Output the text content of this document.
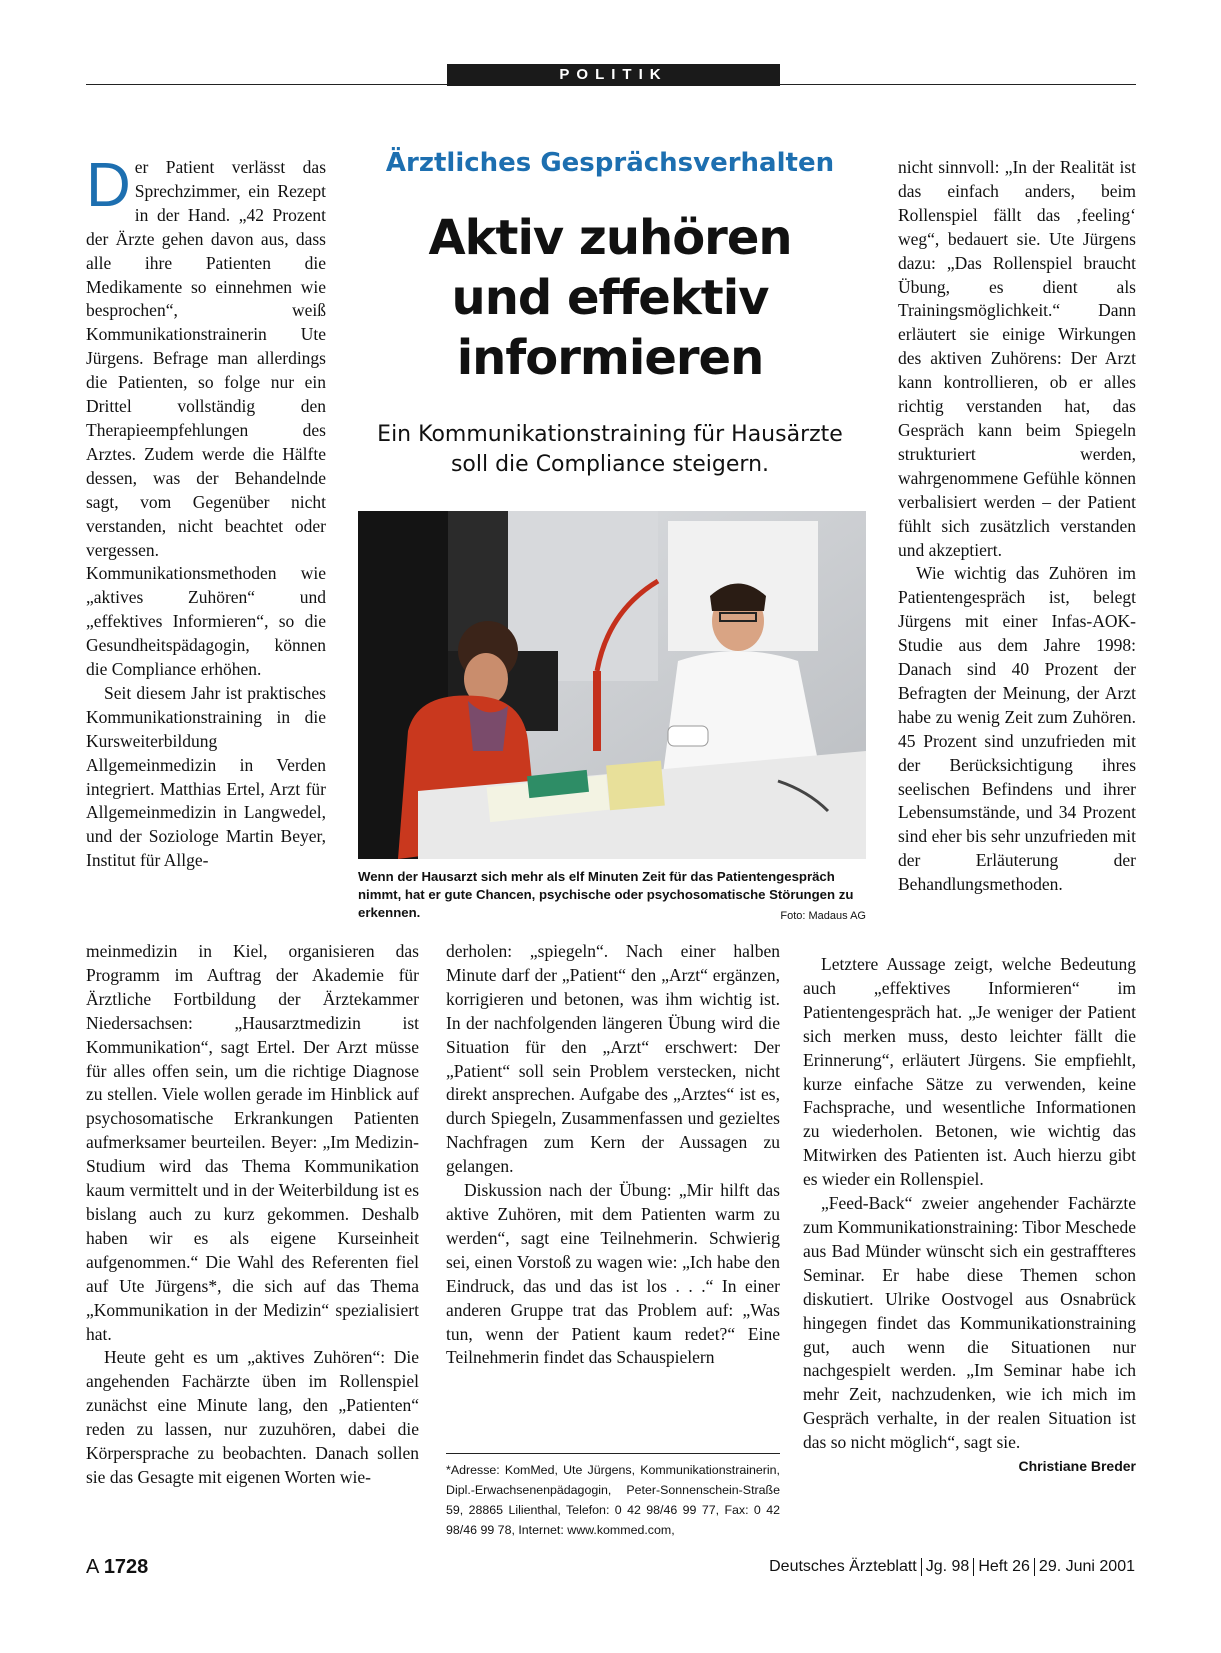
POLITIK

Der Patient verlässt das Sprechzimmer, ein Rezept in der Hand. „42 Prozent der Ärzte gehen davon aus, dass alle ihre Patienten die Medikamente so einnehmen wie besprochen“, weiß Kommunikationstrainerin Ute Jürgens. Befrage man allerdings die Patienten, so folge nur ein Drittel vollständig den Therapieempfehlungen des Arztes. Zudem werde die Hälfte dessen, was der Behandelnde sagt, vom Gegenüber nicht verstanden, nicht beachtet oder vergessen. Kommunikationsmethoden wie „aktives Zuhören“ und „effektives Informieren“, so die Gesundheitspädagogin, können die Compliance erhöhen.

Seit diesem Jahr ist praktisches Kommunikationstraining in die Kursweiterbildung Allgemeinmedizin in Verden integriert. Matthias Ertel, Arzt für Allgemeinmedizin in Langwedel, und der Soziologe Martin Beyer, Institut für Allge-

meinmedizin in Kiel, organisieren das Programm im Auftrag der Akademie für Ärztliche Fortbildung der Ärztekammer Niedersachsen: „Hausarztmedizin ist Kommunikation“, sagt Ertel. Der Arzt müsse für alles offen sein, um die richtige Diagnose zu stellen. Viele wollen gerade im Hinblick auf psychosomatische Erkrankungen Patienten aufmerksamer beurteilen. Beyer: „Im Medizin-Studium wird das Thema Kommunikation kaum vermittelt und in der Weiterbildung ist es bislang auch zu kurz gekommen. Deshalb haben wir es als eigene Kurseinheit aufgenommen.“ Die Wahl des Referenten fiel auf Ute Jürgens*, die sich auf das Thema „Kommunikation in der Medizin“ spezialisiert hat.

Heute geht es um „aktives Zuhören“: Die angehenden Fachärzte üben im Rollenspiel zunächst eine Minute lang, den „Patienten“ reden zu lassen, nur zuzuhören, dabei die Körpersprache zu beobachten. Danach sollen sie das Gesagte mit eigenen Worten wie-

Ärztliches Gesprächsverhalten
Aktiv zuhören
und effektiv
informieren
Ein Kommunikationstraining für Hausärzte
soll die Compliance steigern.
Wenn der Hausarzt sich mehr als elf Minuten Zeit für das Patientengespräch nimmt, hat er gute Chancen, psychische oder psychosomatische Störungen zu erkennen.	Foto: Madaus AG

derholen: „spiegeln“. Nach einer halben Minute darf der „Patient“ den „Arzt“ ergänzen, korrigieren und betonen, was ihm wichtig ist. In der nachfolgenden längeren Übung wird die Situation für den „Arzt“ erschwert: Der „Patient“ soll sein Problem verstecken, nicht direkt ansprechen. Aufgabe des „Arztes“ ist es, durch Spiegeln, Zusammenfassen und gezieltes Nachfragen zum Kern der Aussagen zu gelangen.

Diskussion nach der Übung: „Mir hilft das aktive Zuhören, mit dem Patienten warm zu werden“, sagt eine Teilnehmerin. Schwierig sei, einen Vorstoß zu wagen wie: „Ich habe den Eindruck, das und das ist los . . .“ In einer anderen Gruppe trat das Problem auf: „Was tun, wenn der Patient kaum redet?“ Eine Teilnehmerin findet das Schauspielern

*Adresse: KomMed, Ute Jürgens, Kommunikationstrainerin, Dipl.-Erwachsenenpädagogin, Peter-Sonnenschein-Straße 59, 28865 Lilienthal, Telefon: 0 42 98/46 99 77, Fax: 0 42 98/46 99 78, Internet: www.kommed.com,

nicht sinnvoll: „In der Realität ist das einfach anders, beim Rollenspiel fällt das ‚feeling‘ weg“, bedauert sie. Ute Jürgens dazu: „Das Rollenspiel braucht Übung, es dient als Trainingsmöglichkeit.“ Dann erläutert sie einige Wirkungen des aktiven Zuhörens: Der Arzt kann kontrollieren, ob er alles richtig verstanden hat, das Gespräch kann beim Spiegeln strukturiert werden, wahrgenommene Gefühle können verbalisiert werden – der Patient fühlt sich zusätzlich verstanden und akzeptiert.

Wie wichtig das Zuhören im Patientengespräch ist, belegt Jürgens mit einer Infas-AOK-Studie aus dem Jahre 1998: Danach sind 40 Prozent der Befragten der Meinung, der Arzt habe zu wenig Zeit zum Zuhören. 45 Prozent sind unzufrieden mit der Berücksichtigung ihres seelischen Befindens und ihrer Lebensumstände, und 34 Prozent sind eher bis sehr unzufrieden mit der Erläuterung der Behandlungsmethoden.

Letztere Aussage zeigt, welche Bedeutung auch „effektives Informieren“ im Patientengespräch hat. „Je weniger der Patient sich merken muss, desto leichter fällt die Erinnerung“, erläutert Jürgens. Sie empfiehlt, kurze einfache Sätze zu verwenden, keine Fachsprache, und wesentliche Informationen zu wiederholen. Betonen, wie wichtig das Mitwirken des Patienten ist. Auch hierzu gibt es wieder ein Rollenspiel.

„Feed-Back“ zweier angehender Fachärzte zum Kommunikationstraining: Tibor Meschede aus Bad Münder wünscht sich ein gestraffteres Seminar. Er habe diese Themen schon diskutiert. Ulrike Oostvogel aus Osnabrück hingegen findet das Kommunikationstraining gut, auch wenn die Situationen nur nachgespielt werden. „Im Seminar habe ich mehr Zeit, nachzudenken, wie ich mich im Gespräch verhalte, in der realen Situation ist das so nicht möglich“, sagt sie.
Christiane Breder

A 1728	Deutsches Ärzteblatt Jg. 98 Heft 26 29. Juni 2001
